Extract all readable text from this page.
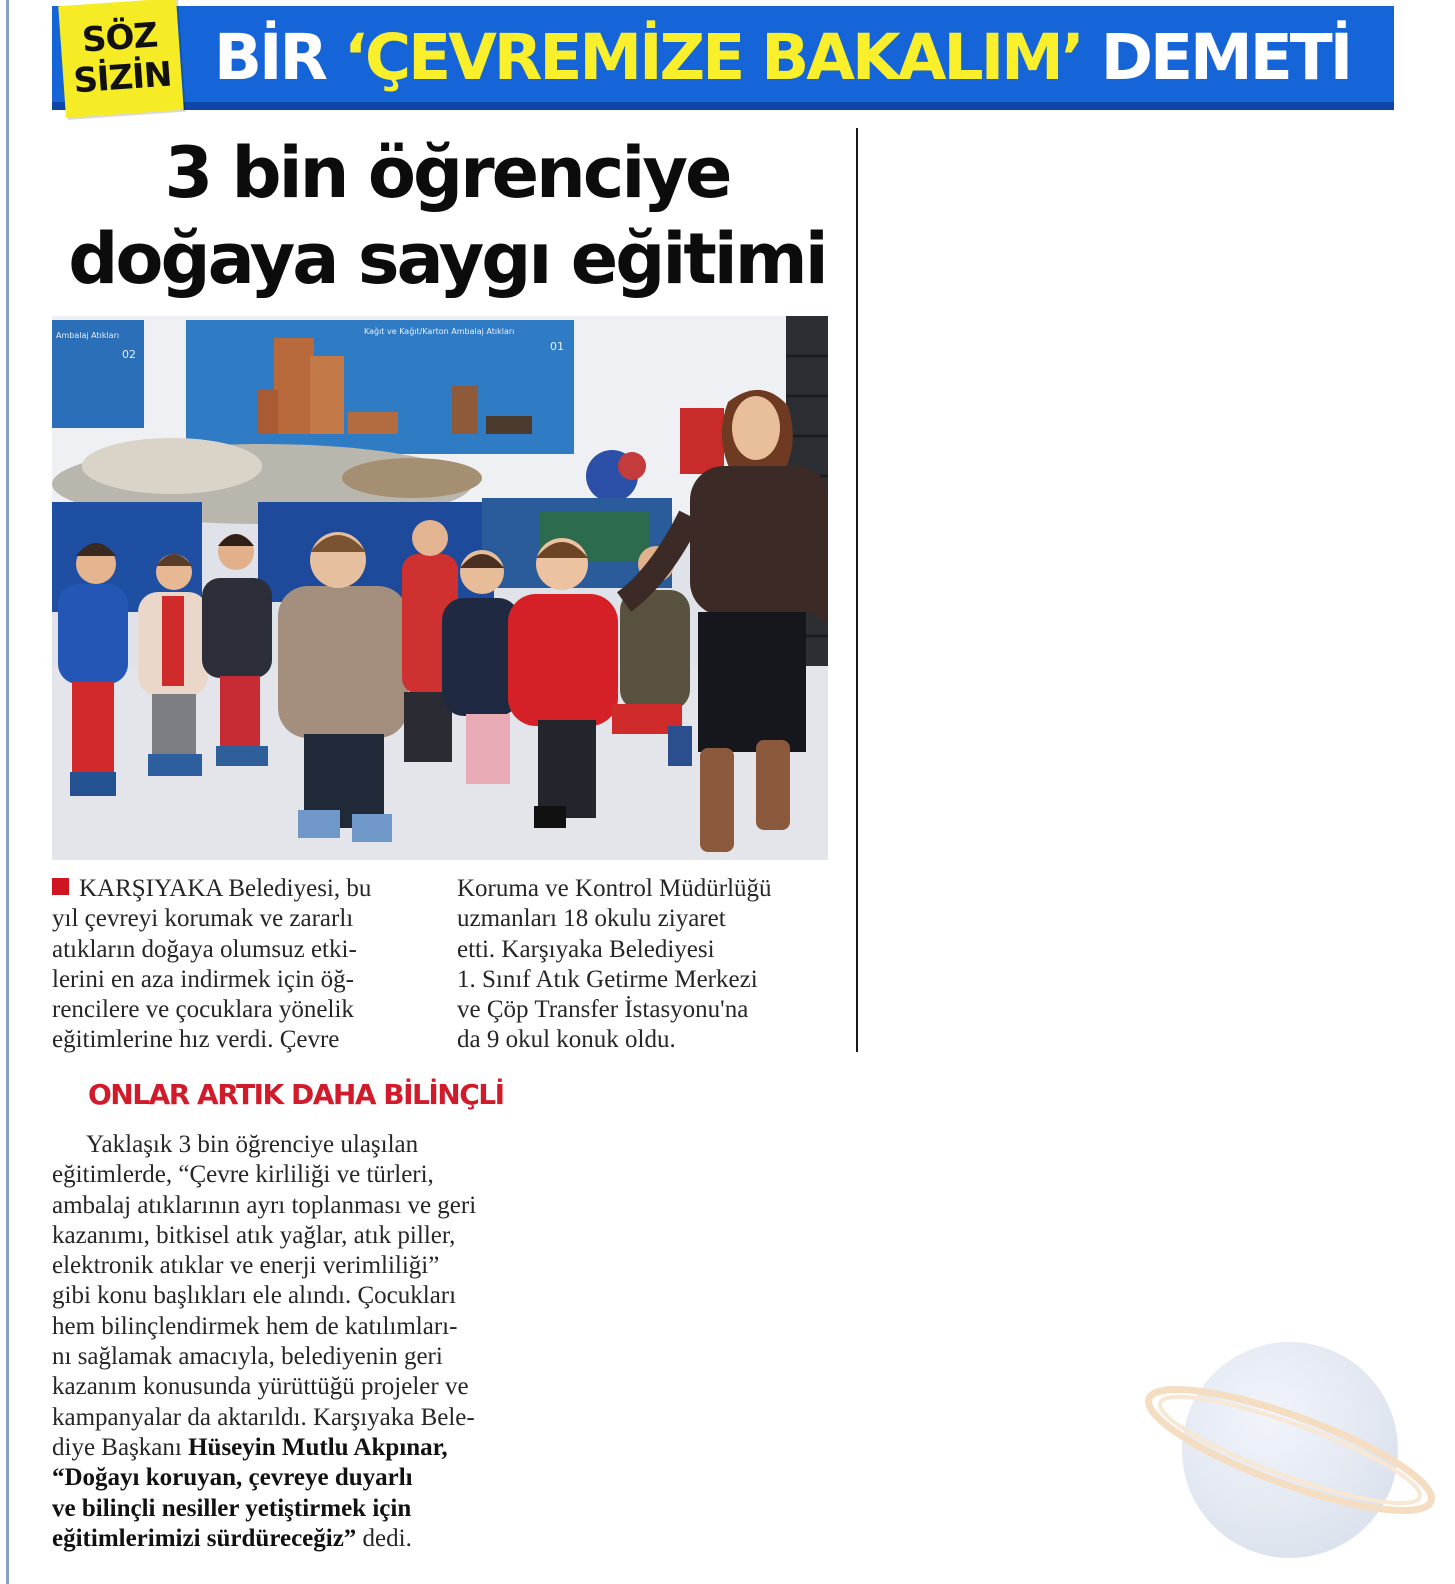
SÖZ
SİZİN BİR ‘ÇEVREMİZE BAKALIM’ DEMETİ
3 bin öğrenciye
doğaya saygı eğitimi
Ambalaj Atıkları
02
Kağıt ve Kağıt/Karton Ambalaj Atıkları
01
KARŞIYAKA Belediyesi, bu
yıl çevreyi korumak ve zararlı
atıkların doğaya olumsuz etki-
lerini en aza indirmek için öğ-
rencilere ve çocuklara yönelik
eğitimlerine hız verdi. Çevre
Koruma ve Kontrol Müdürlüğü
uzmanları 18 okulu ziyaret
etti. Karşıyaka Belediyesi
1. Sınıf Atık Getirme Merkezi
ve Çöp Transfer İstasyonu'na
da 9 okul konuk oldu.
ONLAR ARTIK DAHA BİLİNÇLİ
Yaklaşık 3 bin öğrenciye ulaşılan
eğitimlerde, “Çevre kirliliği ve türleri,
ambalaj atıklarının ayrı toplanması ve geri
kazanımı, bitkisel atık yağlar, atık piller,
elektronik atıklar ve enerji verimliliği”
gibi konu başlıkları ele alındı. Çocukları
hem bilinçlendirmek hem de katılımları-
nı sağlamak amacıyla, belediyenin geri
kazanım konusunda yürüttüğü projeler ve
kampanyalar da aktarıldı. Karşıyaka Bele-
diye Başkanı Hüseyin Mutlu Akpınar,
“Doğayı koruyan, çevreye duyarlı
ve bilinçli nesiller yetiştirmek için
eğitimlerimizi sürdüreceğiz” dedi.
